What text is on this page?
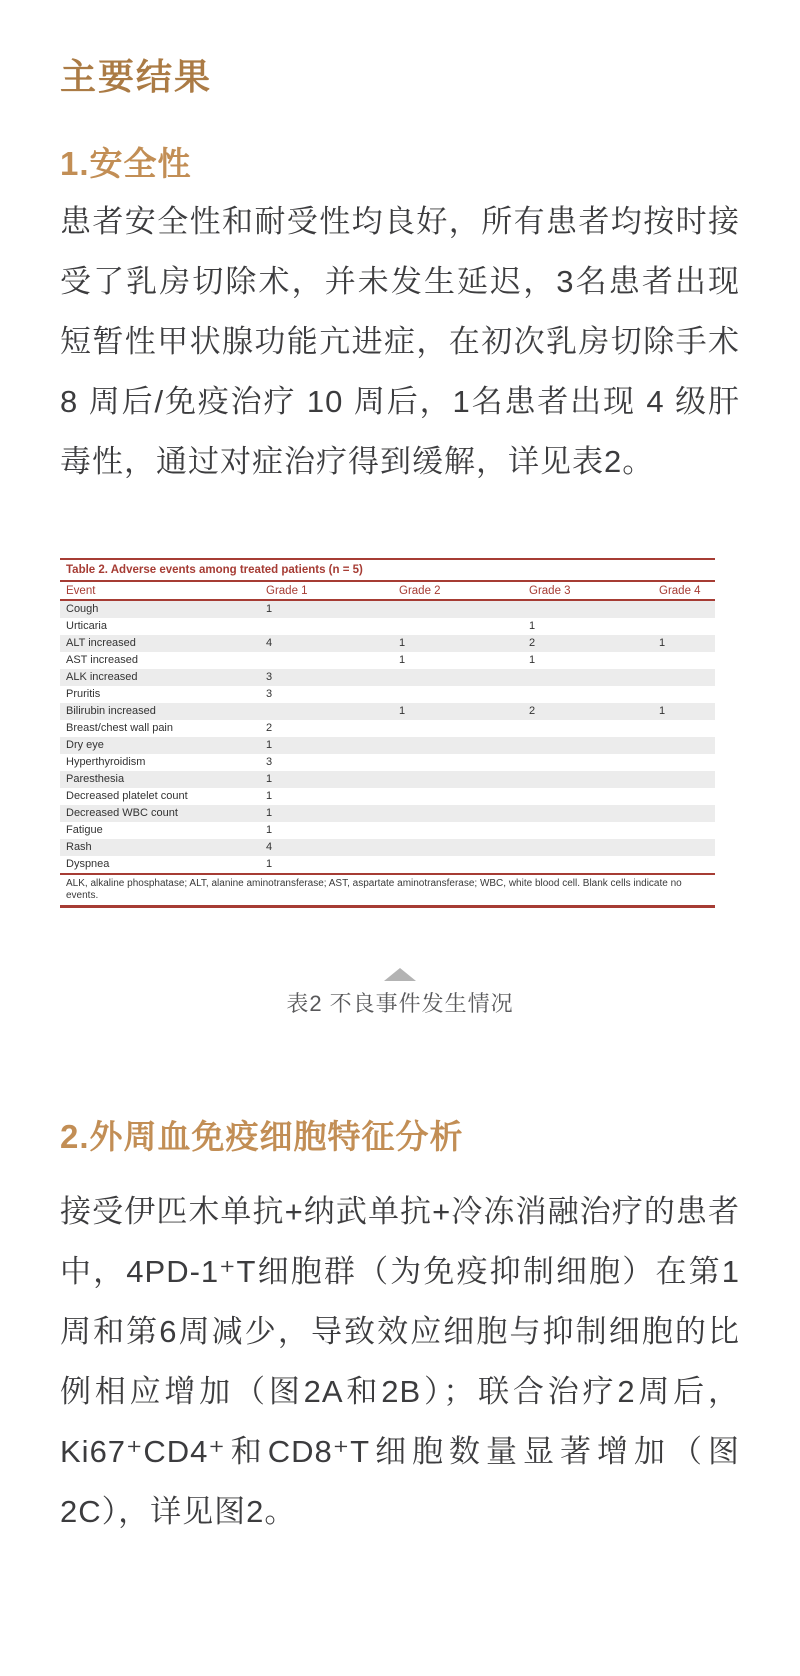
主要结果
1.安全性

患者安全性和耐受性均良好，所有患者均按时接受了乳房切除术，并未发生延迟，3名患者出现短暂性甲状腺功能亢进症，在初次乳房切除手术 8 周后/免疫治疗 10 周后，1名患者出现 4 级肝毒性，通过对症治疗得到缓解，详见表2。

Table 2. Adverse events among treated patients (n = 5)
Event	Grade 1	Grade 2	Grade 3	Grade 4
Cough	1			
Urticaria			1	
ALT increased	4	1	2	1
AST increased		1	1	
ALK increased	3			
Pruritis	3			
Bilirubin increased		1	2	1
Breast/chest wall pain	2			
Dry eye	1			
Hyperthyroidism	3			
Paresthesia	1			
Decreased platelet count	1			
Decreased WBC count	1			
Fatigue	1			
Rash	4			
Dyspnea	1			
ALK, alkaline phosphatase; ALT, alanine aminotransferase; AST, aspartate aminotransferase; WBC, white blood cell. Blank cells indicate no events.
表2 不良事件发生情况
2.外周血免疫细胞特征分析

接受伊匹木单抗+纳武单抗+冷冻消融治疗的患者中，4PD-1⁺T细胞群（为免疫抑制细胞）在第1周和第6周减少，导致效应细胞与抑制细胞的比例相应增加（图2A和2B）；联合治疗2周后，Ki67⁺CD4⁺和CD8⁺T细胞数量显著增加（图2C），详见图2。
